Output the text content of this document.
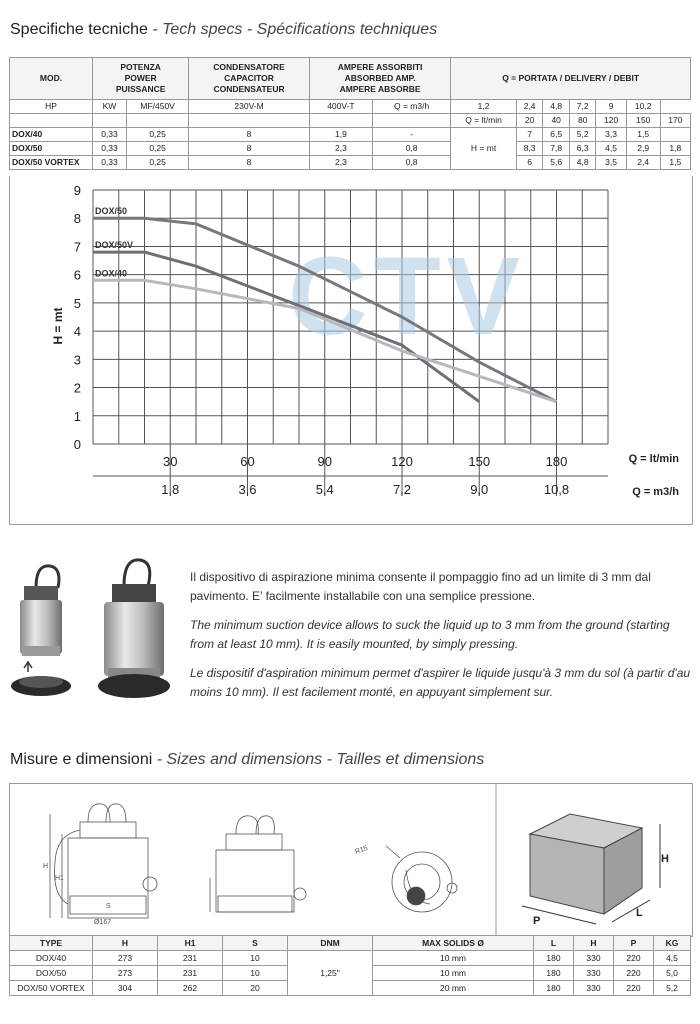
Specifiche tecniche - Tech specs - Spécifications techniques
MOD.	POTENZA
POWER
PUISSANCE		CONDENSATORE
CAPACITOR
CONDENSATEUR	AMPERE ASSORBITI
ABSORBED AMP.
AMPERE ABSORBE		Q = PORTATA / DELIVERY / DEBIT						

HP	KW	MF/450V	230V-M	400V-T	Q = m3/h	1,2	2,4	4,8	7,2	9	10,2	
						Q = lt/min	20	40	80	120	150	170
DOX/40	0,33	0,25	8	1,9	-	H = mt	7	6,5	5,2	3,3	1,5	
DOX/50	0,33	0,25	8	2,3	0,8		8,3	7,8	6,3	4,5	2,9	1,8
DOX/50 VORTEX	0,33	0,25	8	2,3	0,8		6	5,6	4,8	3,5	2,4	1,5
CTV
0
1
2
3
4
5
6
7
8
9
30
1,8
60
3,6
90
5,4
120
7,2
150
9,0
180
10,8
DOX/50
DOX/50V
DOX/40
H = mt
Q = lt/min
Q = m3/h

Il dispositivo di aspirazione minima consente il pompaggio fino ad un limite di 3 mm dal pavimento. E’ facilmente installabile con una semplice pressione.

The minimum suction device allows to suck the liquid up to 3 mm from the ground (starting from at least 10 mm). It is easily mounted, by simply pressing.

Le dispositif d'aspiration minimum permet d'aspirer le liquide jusqu'à 3 mm du sol (à partir d'au moins 10 mm). Il est facilement monté, en appuyant simplement sur.

Misure e dimensioni - Sizes and dimensions - Tailles et dimensions
H
H1
S
Ø167
R15
H
L
P
TYPE	H	H1	S	DNM	MAX SOLIDS Ø	L	H	P	KG
DOX/40	273	231	10	1,25"	10 mm	180	330	220	4,5
DOX/50	273	231	10		10 mm	180	330	220	5,0
DOX/50 VORTEX	304	262	20		20 mm	180	330	220	5,2
